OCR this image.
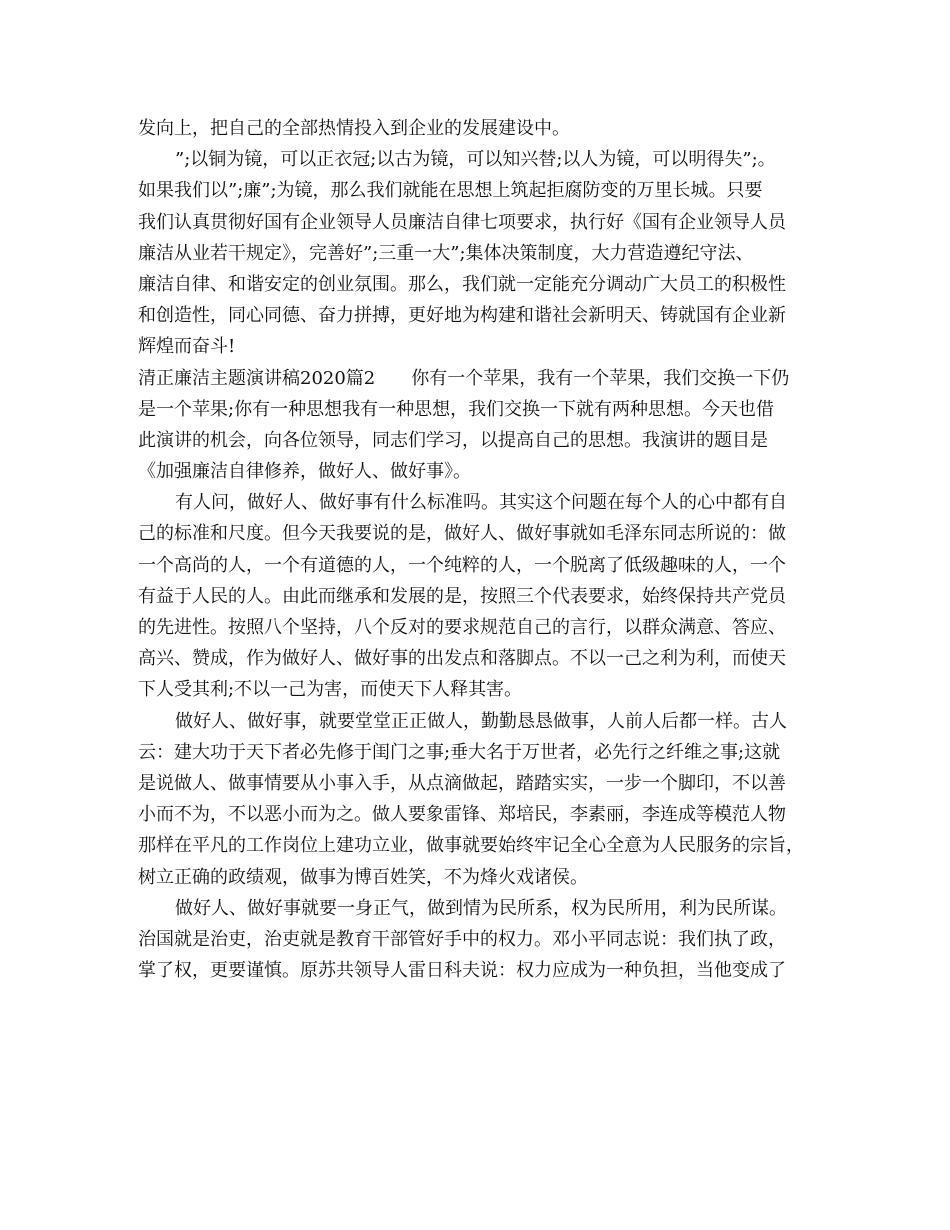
发向上，把自己的全部热情投入到企业的发展建设中。
”;以铜为镜，可以正衣冠;以古为镜，可以知兴替;以人为镜，可以明得失”;。
如果我们以”;廉”;为镜，那么我们就能在思想上筑起拒腐防变的万里长城。只要
我们认真贯彻好国有企业领导人员廉洁自律七项要求，执行好《国有企业领导人员
廉洁从业若干规定》，完善好”;三重一大”;集体决策制度，大力营造遵纪守法、
廉洁自律、和谐安定的创业氛围。那么，我们就一定能充分调动广大员工的积极性
和创造性，同心同德、奋力拼搏，更好地为构建和谐社会新明天、铸就国有企业新
辉煌而奋斗!
清正廉洁主题演讲稿2020篇2　　你有一个苹果，我有一个苹果，我们交换一下仍
是一个苹果;你有一种思想我有一种思想，我们交换一下就有两种思想。今天也借
此演讲的机会，向各位领导，同志们学习，以提高自己的思想。我演讲的题目是
《加强廉洁自律修养，做好人、做好事》。
有人问，做好人、做好事有什么标准吗。其实这个问题在每个人的心中都有自
己的标准和尺度。但今天我要说的是，做好人、做好事就如毛泽东同志所说的：做
一个高尚的人，一个有道德的人，一个纯粹的人，一个脱离了低级趣味的人，一个
有益于人民的人。由此而继承和发展的是，按照三个代表要求，始终保持共产党员
的先进性。按照八个坚持，八个反对的要求规范自己的言行，以群众满意、答应、
高兴、赞成，作为做好人、做好事的出发点和落脚点。不以一己之利为利，而使天
下人受其利;不以一己为害，而使天下人释其害。
做好人、做好事，就要堂堂正正做人，勤勤恳恳做事，人前人后都一样。古人
云：建大功于天下者必先修于闺门之事;垂大名于万世者，必先行之纤维之事;这就
是说做人、做事情要从小事入手，从点滴做起，踏踏实实，一步一个脚印，不以善
小而不为，不以恶小而为之。做人要象雷锋、郑培民，李素丽，李连成等模范人物
那样在平凡的工作岗位上建功立业，做事就要始终牢记全心全意为人民服务的宗旨，
树立正确的政绩观，做事为博百姓笑，不为烽火戏诸侯。
做好人、做好事就要一身正气，做到情为民所系，权为民所用，利为民所谋。
治国就是治吏，治吏就是教育干部管好手中的权力。邓小平同志说：我们执了政，
掌了权，更要谨慎。原苏共领导人雷日科夫说：权力应成为一种负担，当他变成了
